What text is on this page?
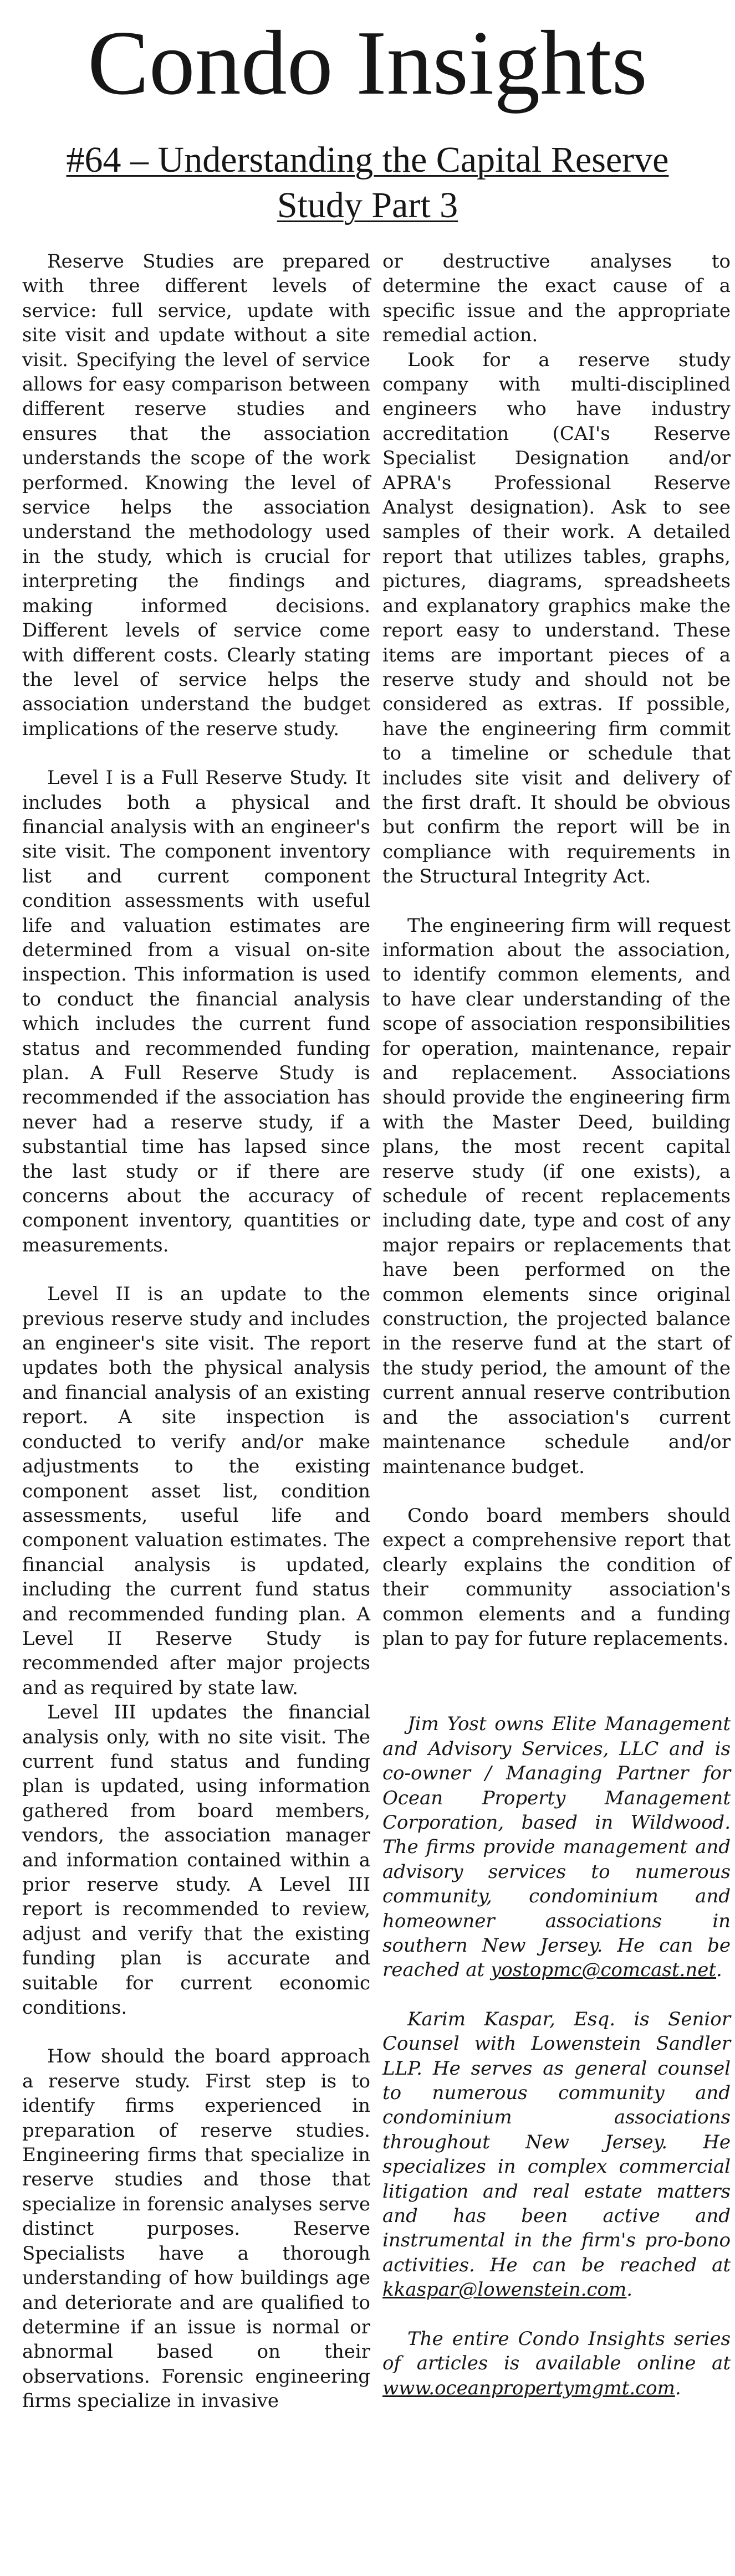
Condo Insights
#64 – Understanding the Capital Reserve
Study Part 3

Reserve Studies are prepared with three different levels of service: full service, update with site visit and update without a site visit. Specifying the level of service allows for easy comparison between different reserve studies and ensures that the association understands the scope of the work performed. Knowing the level of service helps the association understand the methodology used in the study, which is crucial for interpreting the findings and making informed decisions. Different levels of service come with different costs. Clearly stating the level of service helps the association understand the budget implications of the reserve study.

Level I is a Full Reserve Study. It includes both a physical and financial analysis with an engineer's site visit. The component inventory list and current component condition assessments with useful life and valuation estimates are determined from a visual on-site inspection. This information is used to conduct the financial analysis which includes the current fund status and recommended funding plan. A Full Reserve Study is recommended if the association has never had a reserve study, if a substantial time has lapsed since the last study or if there are concerns about the accuracy of component inventory, quantities or measurements.

Level II is an update to the previous reserve study and includes an engineer's site visit. The report updates both the physical analysis and financial analysis of an existing report. A site inspection is conducted to verify and/or make adjustments to the existing component asset list, condition assessments, useful life and component valuation estimates. The financial analysis is updated, including the current fund status and recommended funding plan. A Level II Reserve Study is recommended after major projects and as required by state law.

Level III updates the financial analysis only, with no site visit. The current fund status and funding plan is updated, using information gathered from board members, vendors, the association manager and information contained within a prior reserve study. A Level III report is recommended to review, adjust and verify that the existing funding plan is accurate and suitable for current economic conditions.

How should the board approach a reserve study. First step is to identify firms experienced in preparation of reserve studies. Engineering firms that specialize in reserve studies and those that specialize in forensic analyses serve distinct purposes. Reserve Specialists have a thorough understanding of how buildings age and deteriorate and are qualified to determine if an issue is normal or abnormal based on their observations. Forensic engineering firms specialize in invasive

or destructive analyses to determine the exact cause of a specific issue and the appropriate remedial action.

Look for a reserve study company with multi-disciplined engineers who have industry accreditation (CAI's Reserve Specialist Designation and/or APRA's Professional Reserve Analyst designation). Ask to see samples of their work. A detailed report that utilizes tables, graphs, pictures, diagrams, spreadsheets and explanatory graphics make the report easy to understand. These items are important pieces of a reserve study and should not be considered as extras. If possible, have the engineering firm commit to a timeline or schedule that includes site visit and delivery of the first draft. It should be obvious but confirm the report will be in compliance with requirements in the Structural Integrity Act.

The engineering firm will request information about the association, to identify common elements, and to have clear understanding of the scope of association responsibilities for operation, maintenance, repair and replacement. Associations should provide the engineering firm with the Master Deed, building plans, the most recent capital reserve study (if one exists), a schedule of recent replacements including date, type and cost of any major repairs or replacements that have been performed on the common elements since original construction, the projected balance in the reserve fund at the start of the study period, the amount of the current annual reserve contribution and the association's current maintenance schedule and/or maintenance budget.

Condo board members should expect a comprehensive report that clearly explains the condition of their community association's common elements and a funding plan to pay for future replacements.

Jim Yost owns Elite Management and Advisory Services, LLC and is co-owner / Managing Partner for Ocean Property Management Corporation, based in Wildwood. The firms provide management and advisory services to numerous community, condominium and homeowner associations in southern New Jersey. He can be reached at yostopmc@comcast.net.

Karim Kaspar, Esq. is Senior Counsel with Lowenstein Sandler LLP. He serves as general counsel to numerous community and condominium associations throughout New Jersey. He specializes in complex commercial litigation and real estate matters and has been active and instrumental in the firm's pro-bono activities. He can be reached at kkaspar@lowenstein.com.

The entire Condo Insights series of articles is available online at www.oceanpropertymgmt.com.
